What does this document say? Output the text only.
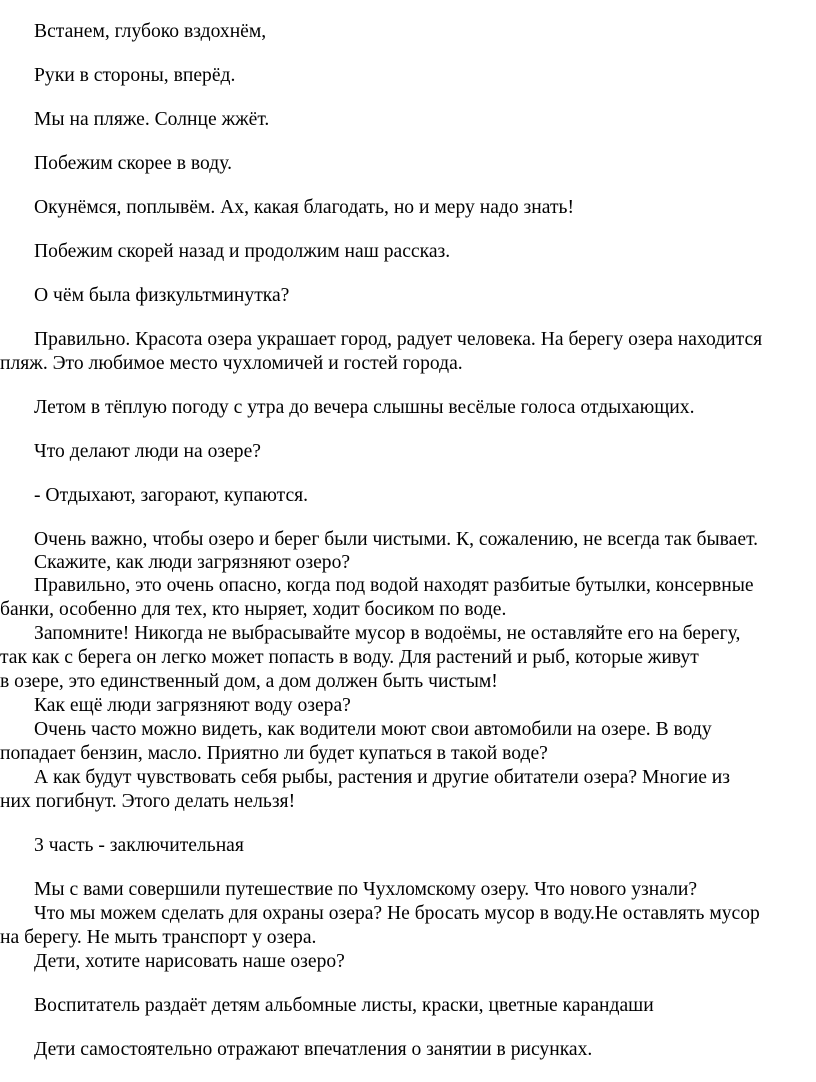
Встанем, глубоко вздохнём,
Руки в стороны, вперёд.
Мы на пляже. Солнце жжёт.
Побежим скорее в воду.
Окунёмся, поплывём. Ах, какая благодать, но и меру надо знать!
Побежим скорей назад и продолжим наш рассказ.
О чём была физкультминутка?
Правильно. Красота озера украшает город, радует человека. На берегу озера находится
пляж. Это любимое место чухломичей и гостей города.
Летом в тёплую погоду с утра до вечера слышны весёлые голоса отдыхающих.
Что делают люди на озере?
- Отдыхают, загорают, купаются.
Очень важно, чтобы озеро и берег были чистыми. К, сожалению, не всегда так бывает.
Скажите, как люди загрязняют озеро?
Правильно, это очень опасно, когда под водой находят разбитые бутылки, консервные
банки, особенно для тех, кто ныряет, ходит босиком по воде.
Запомните! Никогда не выбрасывайте мусор в водоёмы, не оставляйте его на берегу,
так как с берега он легко может попасть в воду. Для растений и рыб, которые живут
в озере, это единственный дом, а дом должен быть чистым!
Как ещё люди загрязняют воду озера?
Очень часто можно видеть, как водители моют свои автомобили на озере. В воду
попадает бензин, масло. Приятно ли будет купаться в такой воде?
А как будут чувствовать себя рыбы, растения и другие обитатели озера? Многие из
них погибнут. Этого делать нельзя!
3 часть - заключительная
Мы с вами совершили путешествие по Чухломскому озеру. Что нового узнали?
Что мы можем сделать для охраны озера? Не бросать мусор в воду.Не оставлять мусор
на берегу. Не мыть транспорт у озера.
Дети, хотите нарисовать наше озеро?
Воспитатель раздаёт детям альбомные листы, краски, цветные карандаши
Дети самостоятельно отражают впечатления о занятии в рисунках.
